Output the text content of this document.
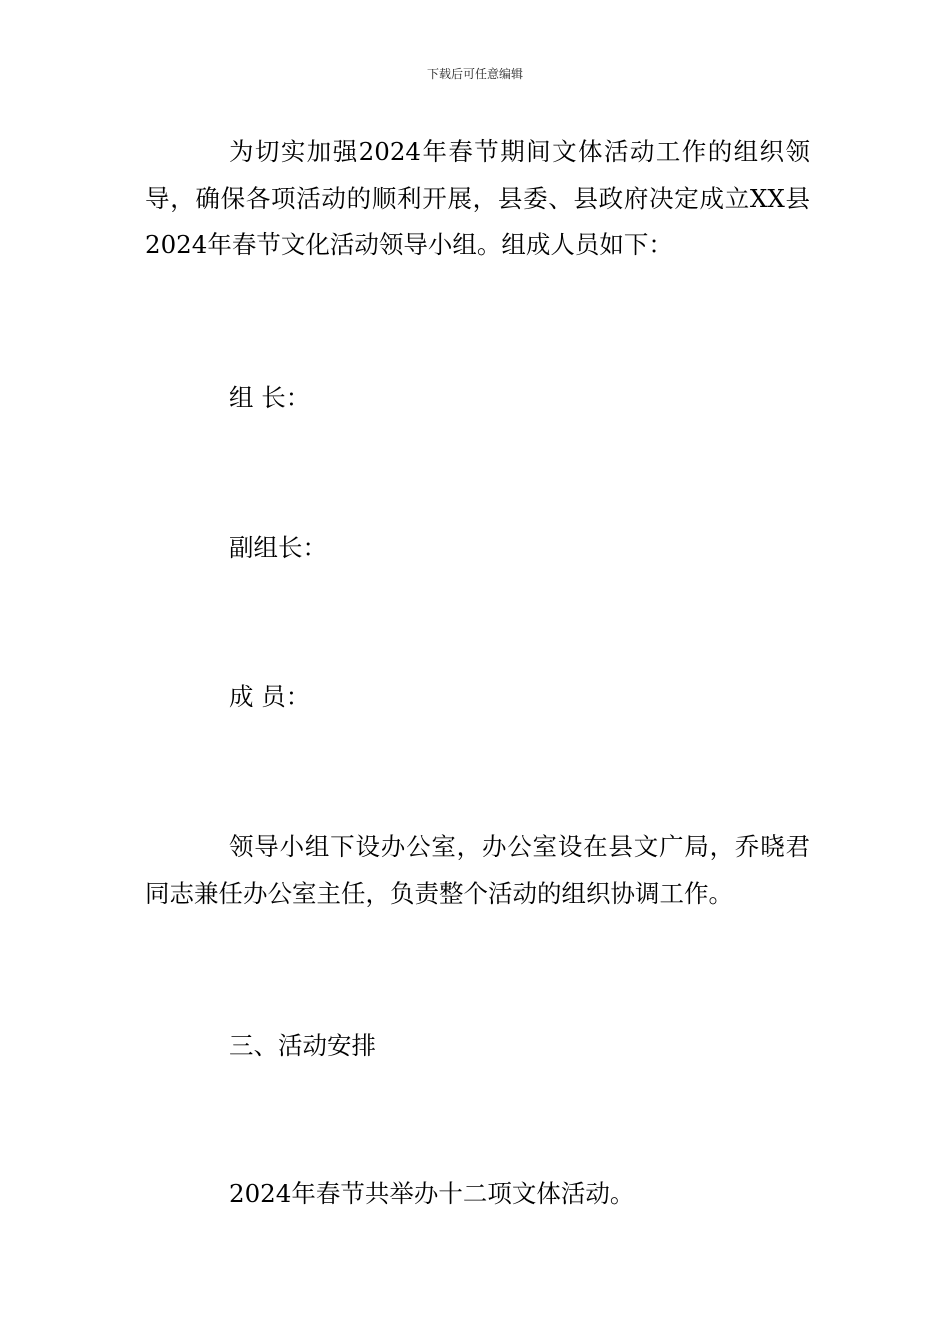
下载后可任意编辑

为切实加强2024年春节期间文体活动工作的组织领导，确保各项活动的顺利开展，县委、县政府决定成立XX县2024年春节文化活动领导小组。组成人员如下：

组 长：

副组长：

成 员：

领导小组下设办公室，办公室设在县文广局，乔晓君同志兼任办公室主任，负责整个活动的组织协调工作。

三、活动安排

2024年春节共举办十二项文体活动。
